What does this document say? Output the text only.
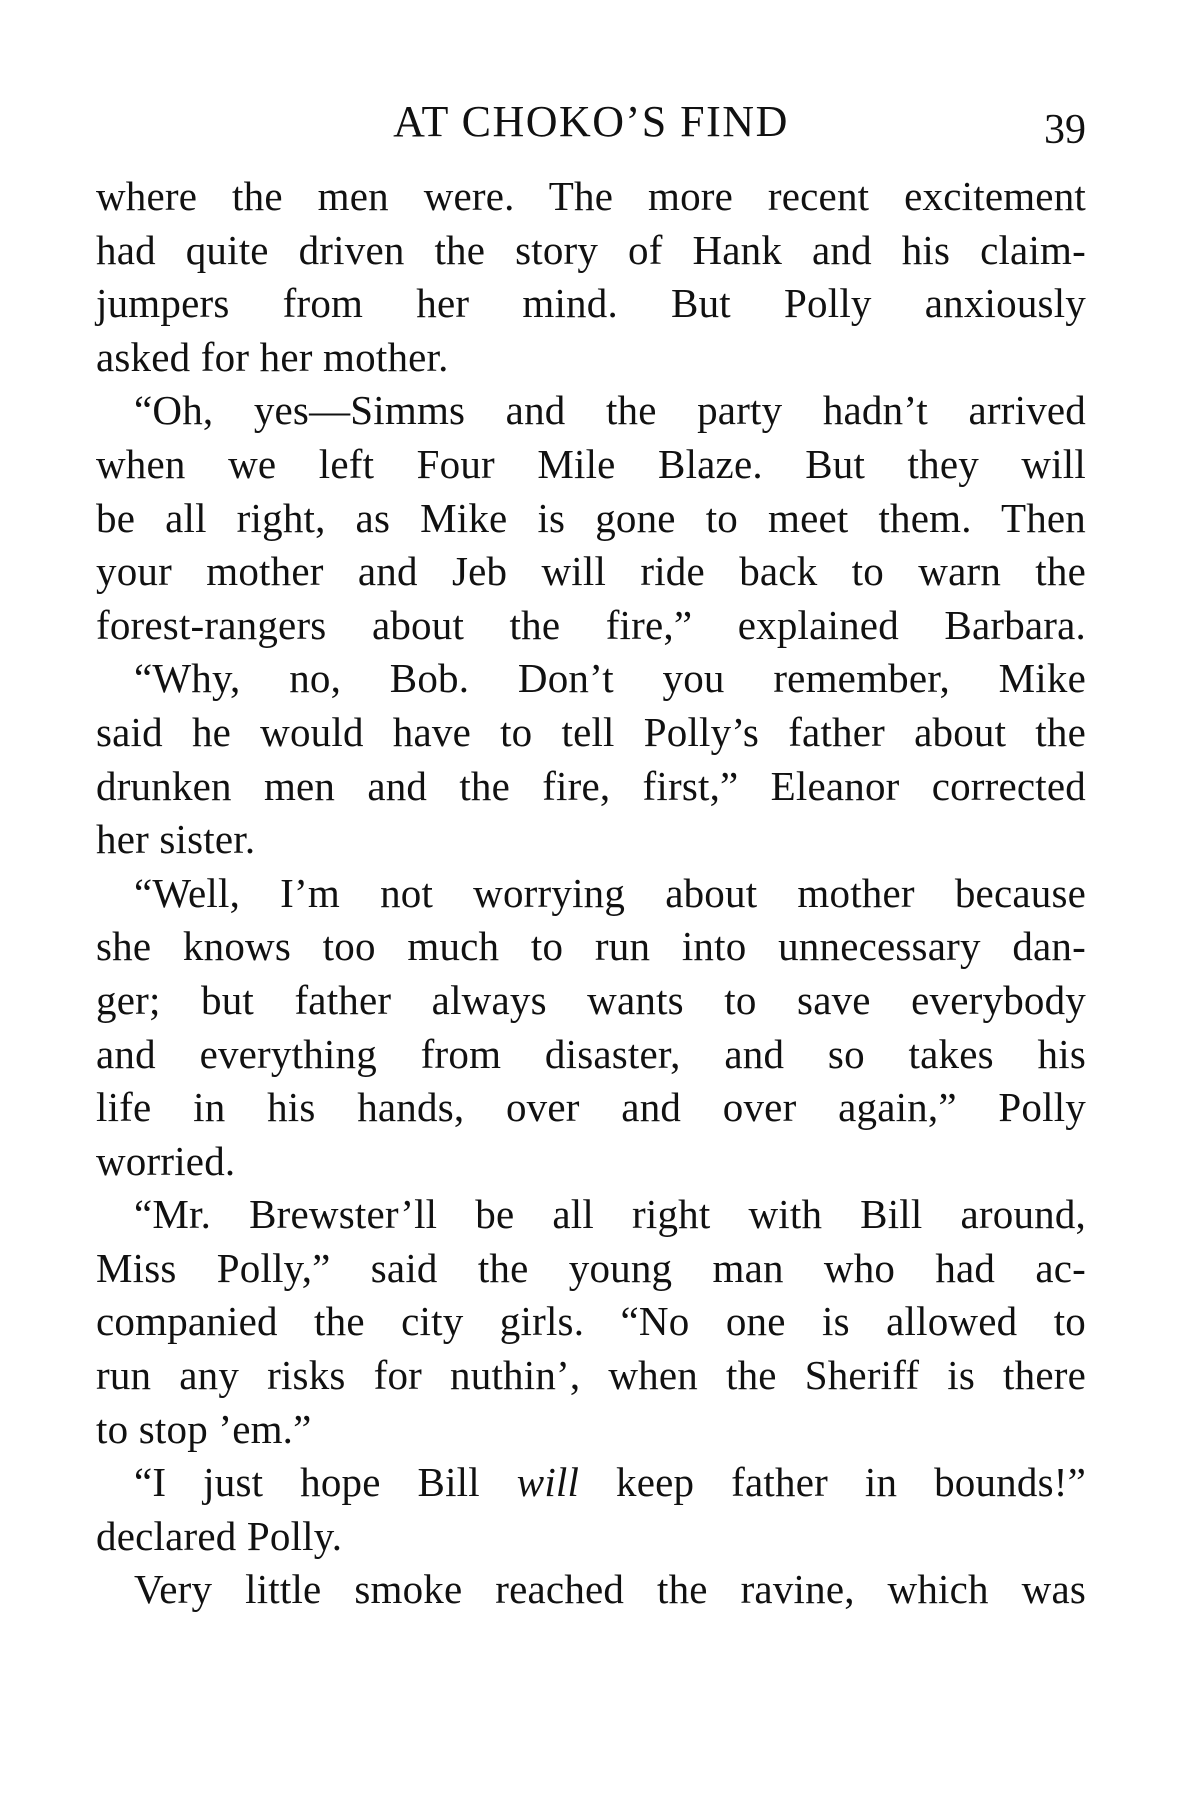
AT CHOKO’S FIND	39
where the men were. The more recent excitement
had quite driven the story of Hank and his claim-
jumpers from her mind. But Polly anxiously
asked for her mother.
“Oh, yes—Simms and the party hadn’t arrived
when we left Four Mile Blaze. But they will
be all right, as Mike is gone to meet them. Then
your mother and Jeb will ride back to warn the
forest-rangers about the fire,” explained Barbara.
“Why, no, Bob. Don’t you remember, Mike
said he would have to tell Polly’s father about the
drunken men and the fire, first,” Eleanor corrected
her sister.
“Well, I’m not worrying about mother because
she knows too much to run into unnecessary dan-
ger; but father always wants to save everybody
and everything from disaster, and so takes his
life in his hands, over and over again,” Polly
worried.
“Mr. Brewster’ll be all right with Bill around,
Miss Polly,” said the young man who had ac-
companied the city girls. “No one is allowed to
run any risks for nuthin’, when the Sheriff is there
to stop ’em.”
“I just hope Bill will keep father in bounds!”
declared Polly.
Very little smoke reached the ravine, which was
